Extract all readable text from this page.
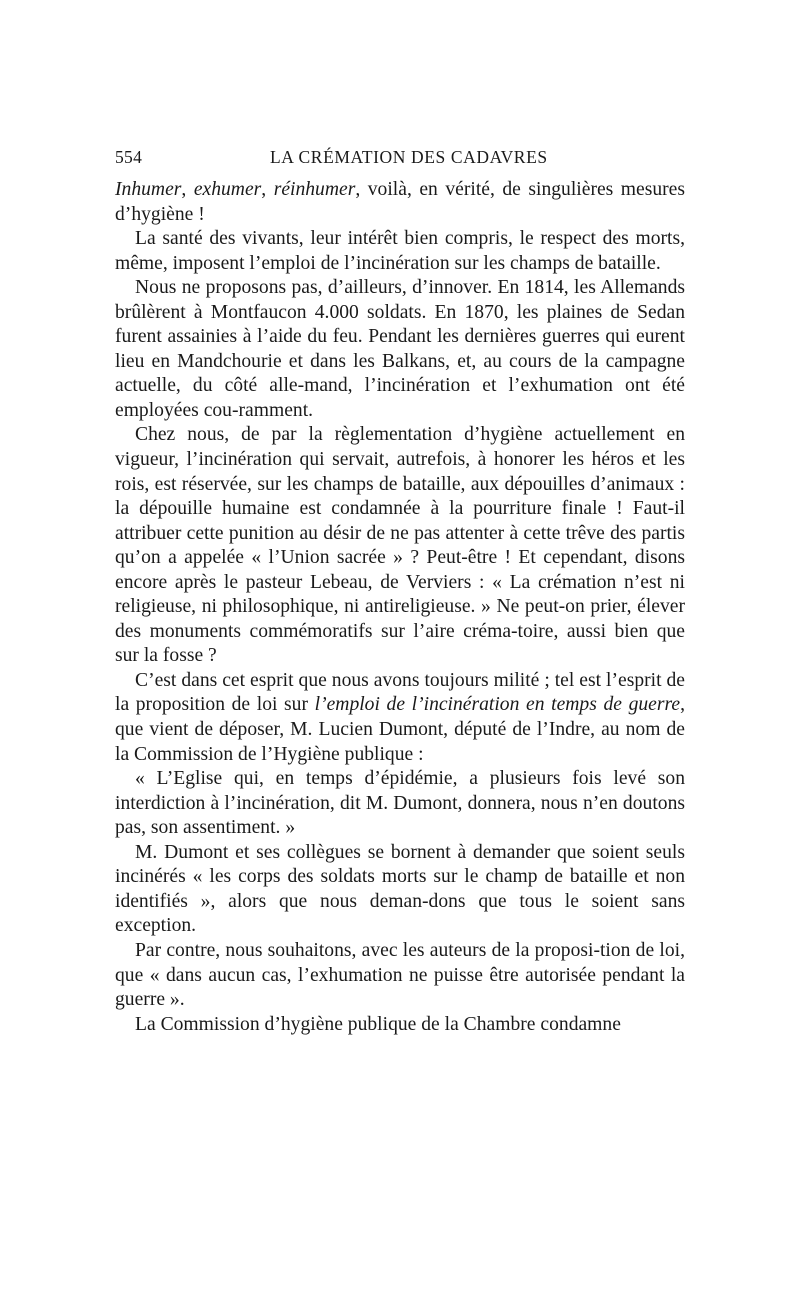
554	LA CRÉMATION DES CADAVRES

Inhumer, exhumer, réinhumer, voilà, en vérité, de singulières mesures d’hygiène !

La santé des vivants, leur intérêt bien compris, le respect des morts, même, imposent l’emploi de l’incinération sur les champs de bataille.

Nous ne proposons pas, d’ailleurs, d’innover. En 1814, les Allemands brûlèrent à Montfaucon 4.000 soldats. En 1870, les plaines de Sedan furent assainies à l’aide du feu. Pendant les dernières guerres qui eurent lieu en Mandchourie et dans les Balkans, et, au cours de la campagne actuelle, du côté alle-mand, l’incinération et l’exhumation ont été employées cou-ramment.

Chez nous, de par la règlementation d’hygiène actuellement en vigueur, l’incinération qui servait, autrefois, à honorer les héros et les rois, est réservée, sur les champs de bataille, aux dépouilles d’animaux : la dépouille humaine est condamnée à la pourriture finale ! Faut-il attribuer cette punition au désir de ne pas attenter à cette trêve des partis qu’on a appelée « l’Union sacrée » ? Peut-être ! Et cependant, disons encore après le pasteur Lebeau, de Verviers : « La crémation n’est ni religieuse, ni philosophique, ni antireligieuse. » Ne peut-on prier, élever des monuments commémoratifs sur l’aire créma-toire, aussi bien que sur la fosse ?

C’est dans cet esprit que nous avons toujours milité ; tel est l’esprit de la proposition de loi sur l’emploi de l’incinération en temps de guerre, que vient de déposer, M. Lucien Dumont, député de l’Indre, au nom de la Commission de l’Hygiène publique :

« L’Eglise qui, en temps d’épidémie, a plusieurs fois levé son interdiction à l’incinération, dit M. Dumont, donnera, nous n’en doutons pas, son assentiment. »

M. Dumont et ses collègues se bornent à demander que soient seuls incinérés « les corps des soldats morts sur le champ de bataille et non identifiés », alors que nous deman-dons que tous le soient sans exception.

Par contre, nous souhaitons, avec les auteurs de la proposi-tion de loi, que « dans aucun cas, l’exhumation ne puisse être autorisée pendant la guerre ».

La Commission d’hygiène publique de la Chambre condamne
